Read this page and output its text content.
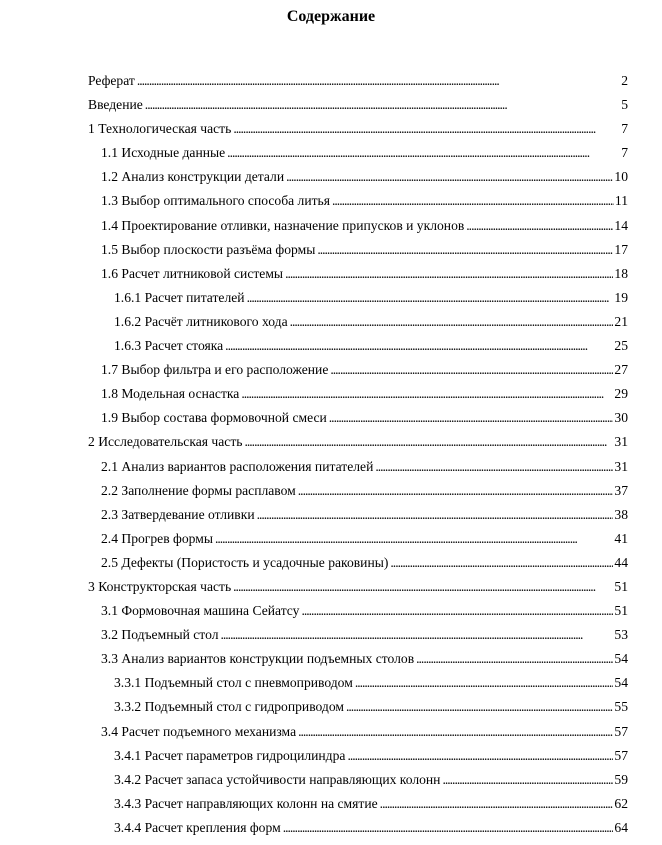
Содержание
Реферат . . .	2
Введение . . .	5
1 Технологическая часть . . .	7
1.1 Исходные данные . . .	7
1.2 Анализ конструкции детали . . .	10
1.3 Выбор оптимального способа литья . . .	11
1.4 Проектирование отливки, назначение припусков и уклонов . . .	14
1.5 Выбор плоскости разъёма формы . . .	17
1.6 Расчет литниковой системы . . .	18
1.6.1 Расчет питателей . . .	19
1.6.2 Расчёт литникового хода . . .	21
1.6.3 Расчет стояка . . .	25
1.7 Выбор фильтра и его расположение . . .	27
1.8 Модельная оснастка . . .	29
1.9 Выбор состава формовочной смеси . . .	30
2 Исследовательская часть . . .	31
2.1 Анализ вариантов расположения питателей . . .	31
2.2 Заполнение формы расплавом . . .	37
2.3 Затвердевание отливки . . .	38
2.4 Прогрев формы . . .	41
2.5 Дефекты (Пористость и усадочные раковины) . . .	44
3 Конструкторская часть . . .	51
3.1 Формовочная машина Сейатсу . . .	51
3.2 Подъемный стол . . .	53
3.3 Анализ вариантов конструкции подъемных столов . . .	54
3.3.1 Подъемный стол с пневмоприводом . . .	54
3.3.2 Подъемный стол с гидроприводом . . .	55
3.4 Расчет подъемного механизма . . .	57
3.4.1 Расчет параметров гидроцилиндра . . .	57
3.4.2 Расчет запаса устойчивости направляющих колонн . . .	59
3.4.3 Расчет направляющих колонн на смятие . . .	62
3.4.4 Расчет крепления форм . . .	64
